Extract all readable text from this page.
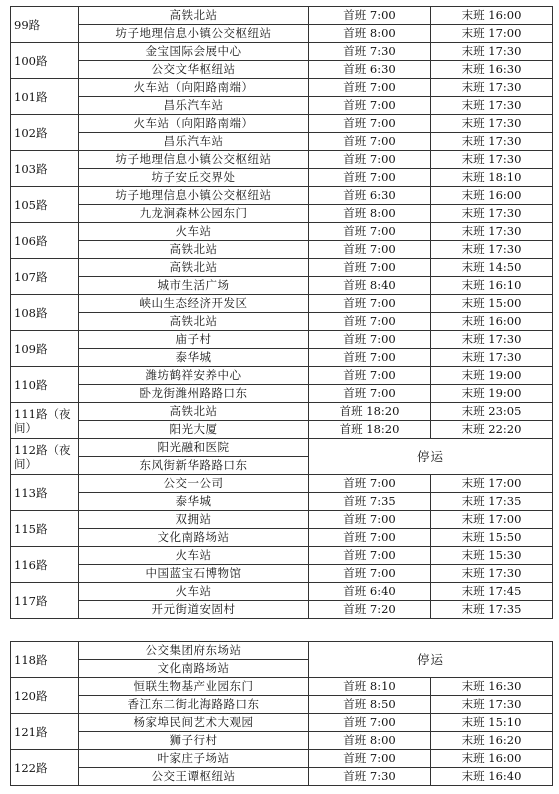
99路	高铁北站	首班 7:00	末班 16:00
	坊子地理信息小镇公交枢纽站	首班 8:00	末班 17:00
100路	金宝国际会展中心	首班 7:30	末班 17:30
	公交文华枢纽站	首班 6:30	末班 16:30
101路	火车站（向阳路南端）	首班 7:00	末班 17:30
	昌乐汽车站	首班 7:00	末班 17:30
102路	火车站（向阳路南端）	首班 7:00	末班 17:30
	昌乐汽车站	首班 7:00	末班 17:30
103路	坊子地理信息小镇公交枢纽站	首班 7:00	末班 17:30
	坊子安丘交界处	首班 7:00	末班 18:10
105路	坊子地理信息小镇公交枢纽站	首班 6:30	末班 16:00
	九龙涧森林公园东门	首班 8:00	末班 17:30
106路	火车站	首班 7:00	末班 17:30
	高铁北站	首班 7:00	末班 17:30
107路	高铁北站	首班 7:00	末班 14:50
	城市生活广场	首班 8:40	末班 16:10
108路	峡山生态经济开发区	首班 7:00	末班 15:00
	高铁北站	首班 7:00	末班 16:00
109路	庙子村	首班 7:00	末班 17:30
	泰华城	首班 7:00	末班 17:30
110路	潍坊鹤祥安养中心	首班 7:00	末班 19:00
	卧龙街潍州路路口东	首班 7:00	末班 19:00
111路（夜间）	高铁北站	首班 18:20	末班 23:05
	阳光大厦	首班 18:20	末班 22:20
112路（夜间）	阳光融和医院	停运	
	东风街新华路路口东		
113路	公交一公司	首班 7:00	末班 17:00
	泰华城	首班 7:35	末班 17:35
115路	双拥站	首班 7:00	末班 17:00
	文化南路场站	首班 7:00	末班 15:50
116路	火车站	首班 7:00	末班 15:30
	中国蓝宝石博物馆	首班 7:00	末班 17:30
117路	火车站	首班 6:40	末班 17:45
	开元街道安固村	首班 7:20	末班 17:35
118路	公交集团府东场站	停运	
	文化南路场站		
120路	恒联生物基产业园东门	首班 8:10	末班 16:30
	香江东二街北海路路口东	首班 8:50	末班 17:30
121路	杨家埠民间艺术大观园	首班 7:00	末班 15:10
	狮子行村	首班 8:00	末班 16:20
122路	叶家庄子场站	首班 7:00	末班 16:00
	公交王谭枢纽站	首班 7:30	末班 16:40
